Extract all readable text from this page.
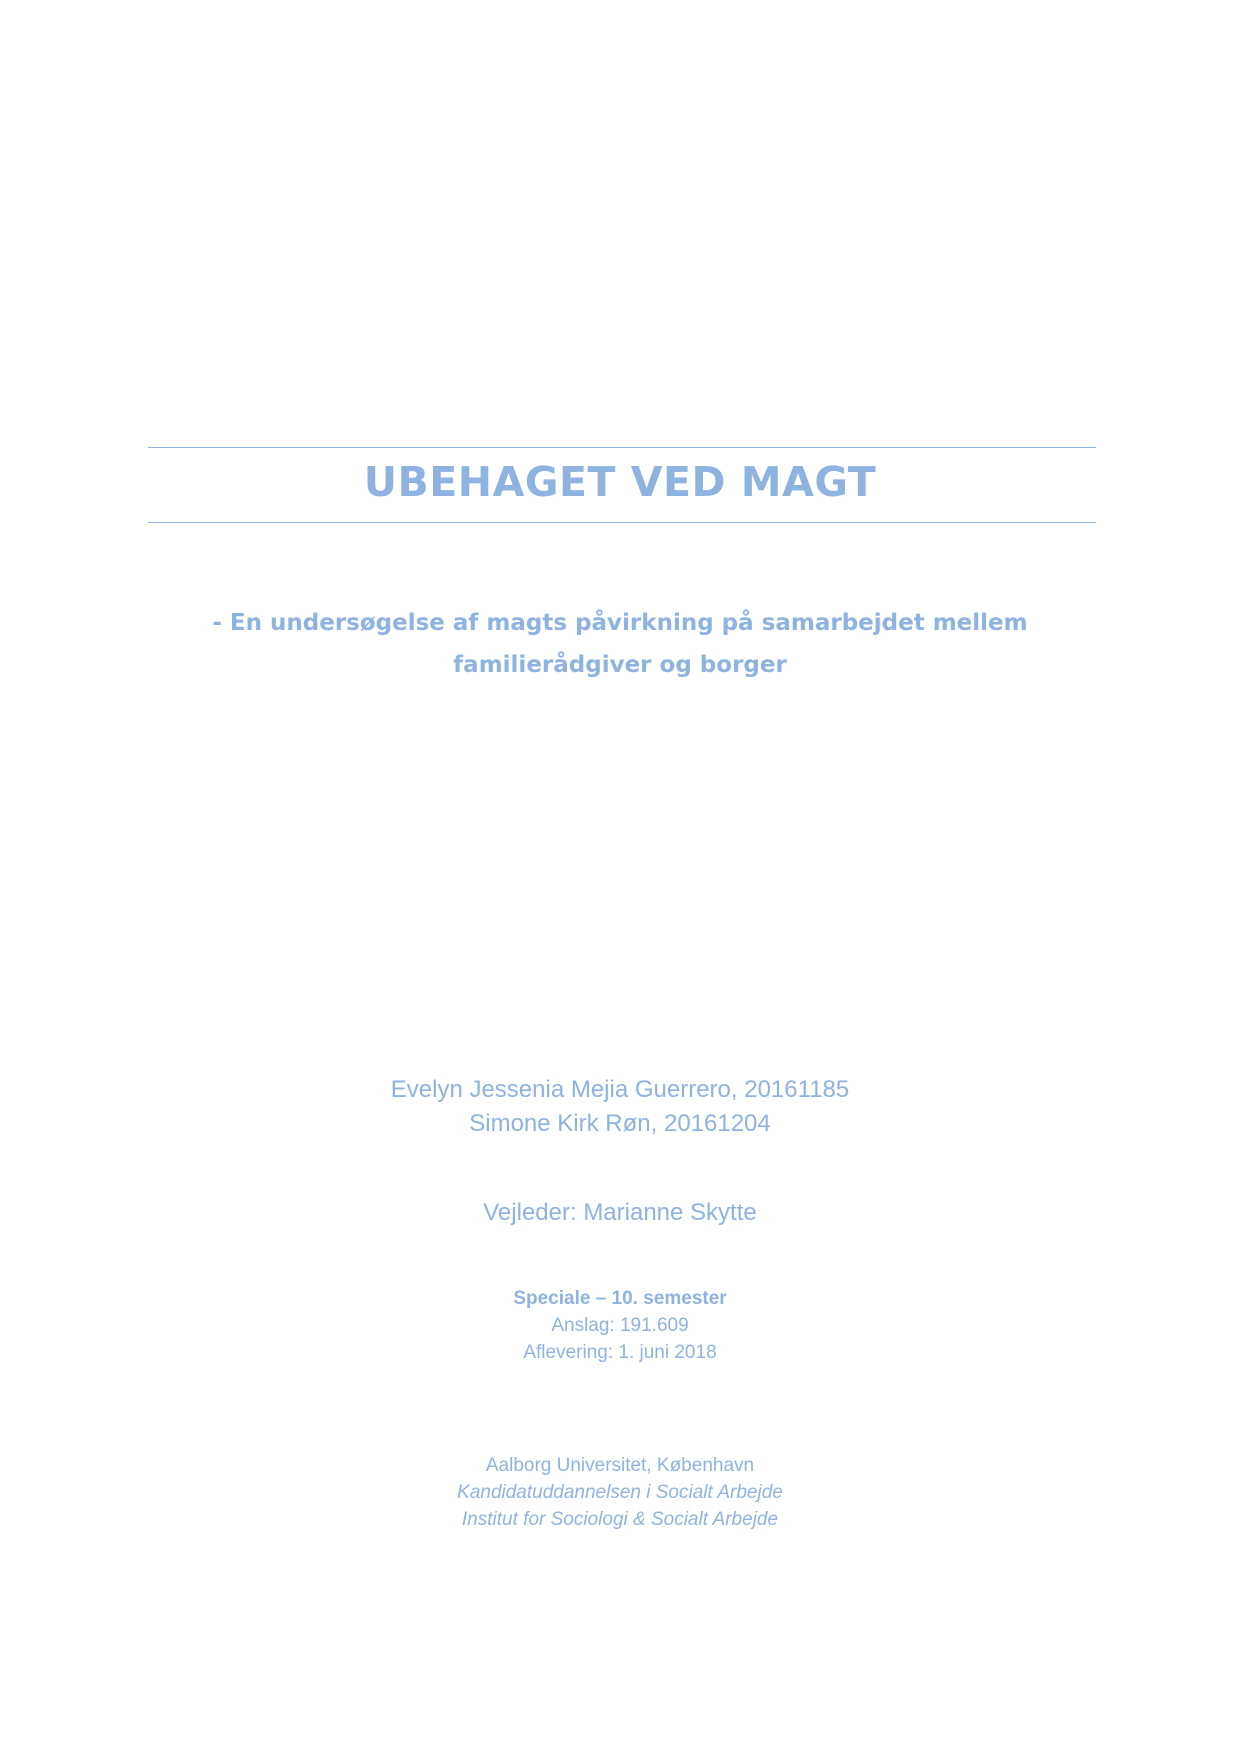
UBEHAGET VED MAGT
- En undersøgelse af magts påvirkning på samarbejdet mellem
familierådgiver og borger
Evelyn Jessenia Mejia Guerrero, 20161185
Simone Kirk Røn, 20161204
Vejleder: Marianne Skytte
Speciale – 10. semester
Anslag: 191.609
Aflevering: 1. juni 2018
Aalborg Universitet, København
Kandidatuddannelsen i Socialt Arbejde
Institut for Sociologi & Socialt Arbejde
